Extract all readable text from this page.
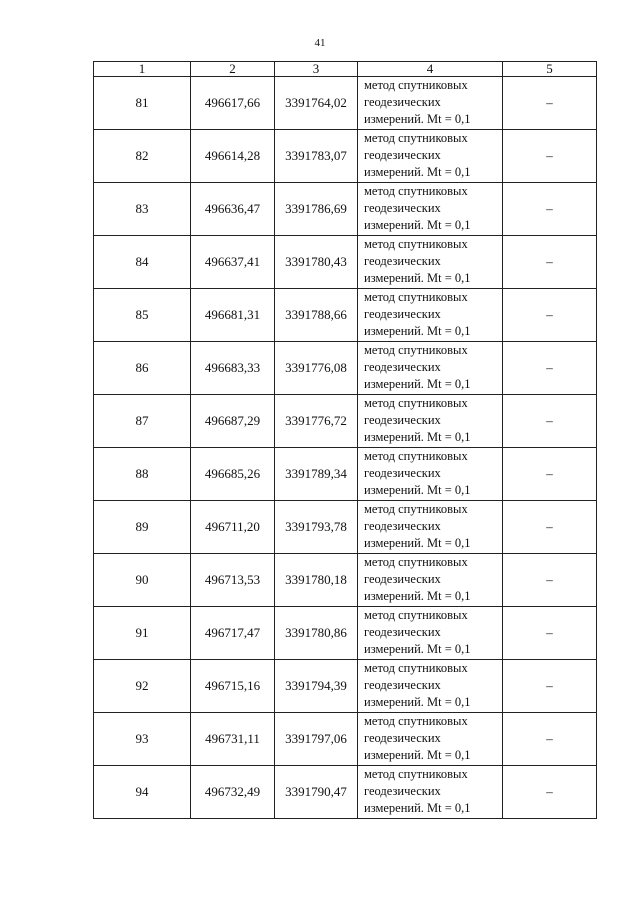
41
1	2	3	4	5
81	496617,66	3391764,02	метод спутниковых
геодезических
измерений. Mt = 0,1	–
82	496614,28	3391783,07	метод спутниковых
геодезических
измерений. Mt = 0,1	–
83	496636,47	3391786,69	метод спутниковых
геодезических
измерений. Mt = 0,1	–
84	496637,41	3391780,43	метод спутниковых
геодезических
измерений. Mt = 0,1	–
85	496681,31	3391788,66	метод спутниковых
геодезических
измерений. Mt = 0,1	–
86	496683,33	3391776,08	метод спутниковых
геодезических
измерений. Mt = 0,1	–
87	496687,29	3391776,72	метод спутниковых
геодезических
измерений. Mt = 0,1	–
88	496685,26	3391789,34	метод спутниковых
геодезических
измерений. Mt = 0,1	–
89	496711,20	3391793,78	метод спутниковых
геодезических
измерений. Mt = 0,1	–
90	496713,53	3391780,18	метод спутниковых
геодезических
измерений. Mt = 0,1	–
91	496717,47	3391780,86	метод спутниковых
геодезических
измерений. Mt = 0,1	–
92	496715,16	3391794,39	метод спутниковых
геодезических
измерений. Mt = 0,1	–
93	496731,11	3391797,06	метод спутниковых
геодезических
измерений. Mt = 0,1	–
94	496732,49	3391790,47	метод спутниковых
геодезических
измерений. Mt = 0,1	–
